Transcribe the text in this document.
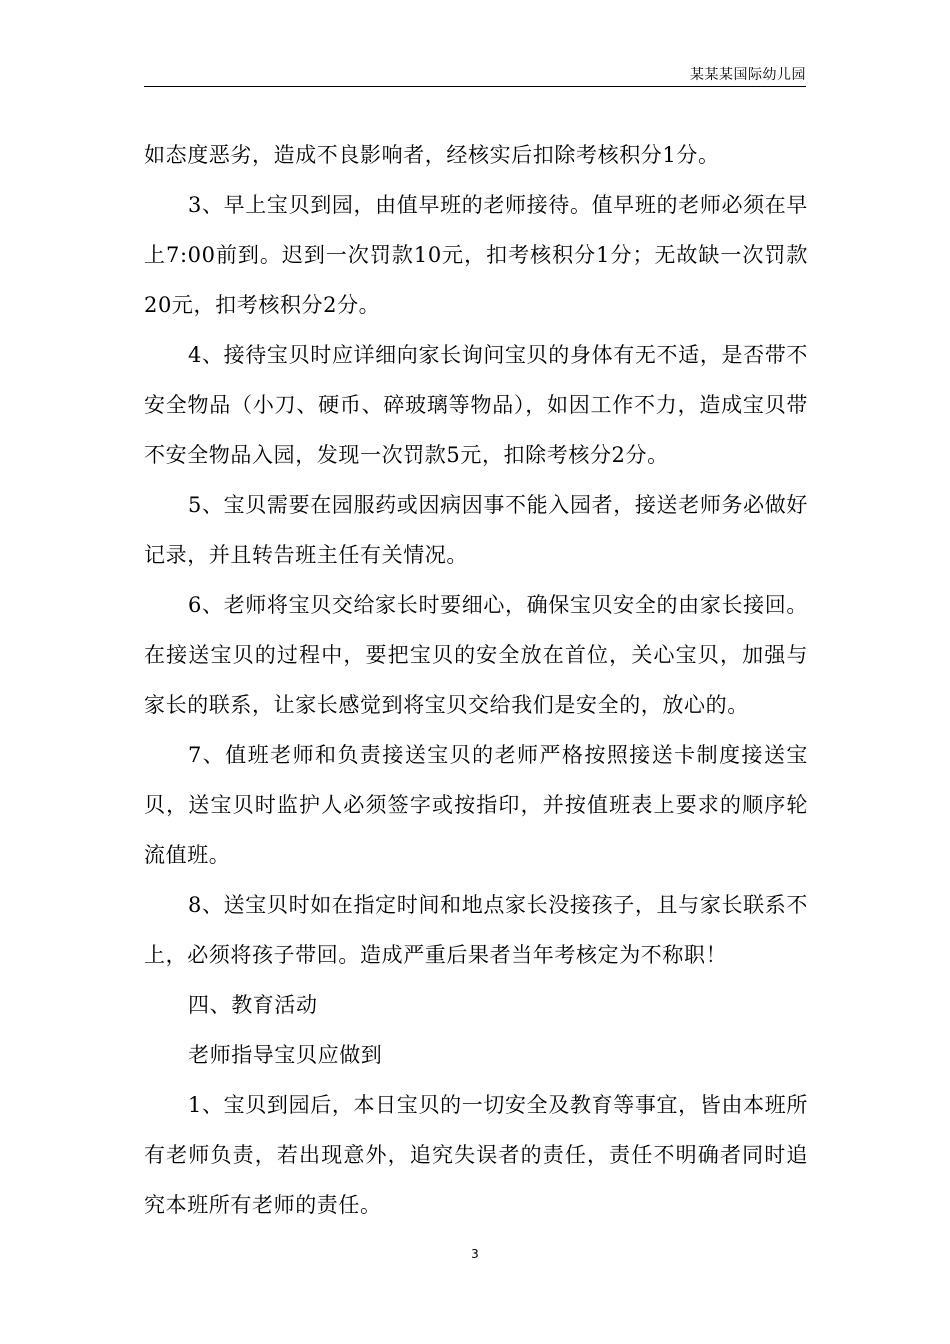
某某某国际幼儿园

如态度恶劣，造成不良影响者，经核实后扣除考核积分1分。

3、早上宝贝到园，由值早班的老师接待。值早班的老师必须在早上7:00前到。迟到一次罚款10元，扣考核积分1分；无故缺一次罚款20元，扣考核积分2分。

4、接待宝贝时应详细向家长询问宝贝的身体有无不适，是否带不安全物品（小刀、硬币、碎玻璃等物品），如因工作不力，造成宝贝带不安全物品入园，发现一次罚款5元，扣除考核分2分。

5、宝贝需要在园服药或因病因事不能入园者，接送老师务必做好记录，并且转告班主任有关情况。

6、老师将宝贝交给家长时要细心，确保宝贝安全的由家长接回。在接送宝贝的过程中，要把宝贝的安全放在首位，关心宝贝，加强与家长的联系，让家长感觉到将宝贝交给我们是安全的，放心的。

7、值班老师和负责接送宝贝的老师严格按照接送卡制度接送宝贝，送宝贝时监护人必须签字或按指印，并按值班表上要求的顺序轮流值班。

8、送宝贝时如在指定时间和地点家长没接孩子，且与家长联系不上，必须将孩子带回。造成严重后果者当年考核定为不称职！

四、教育活动

老师指导宝贝应做到

1、宝贝到园后，本日宝贝的一切安全及教育等事宜，皆由本班所有老师负责，若出现意外，追究失误者的责任，责任不明确者同时追究本班所有老师的责任。

3
